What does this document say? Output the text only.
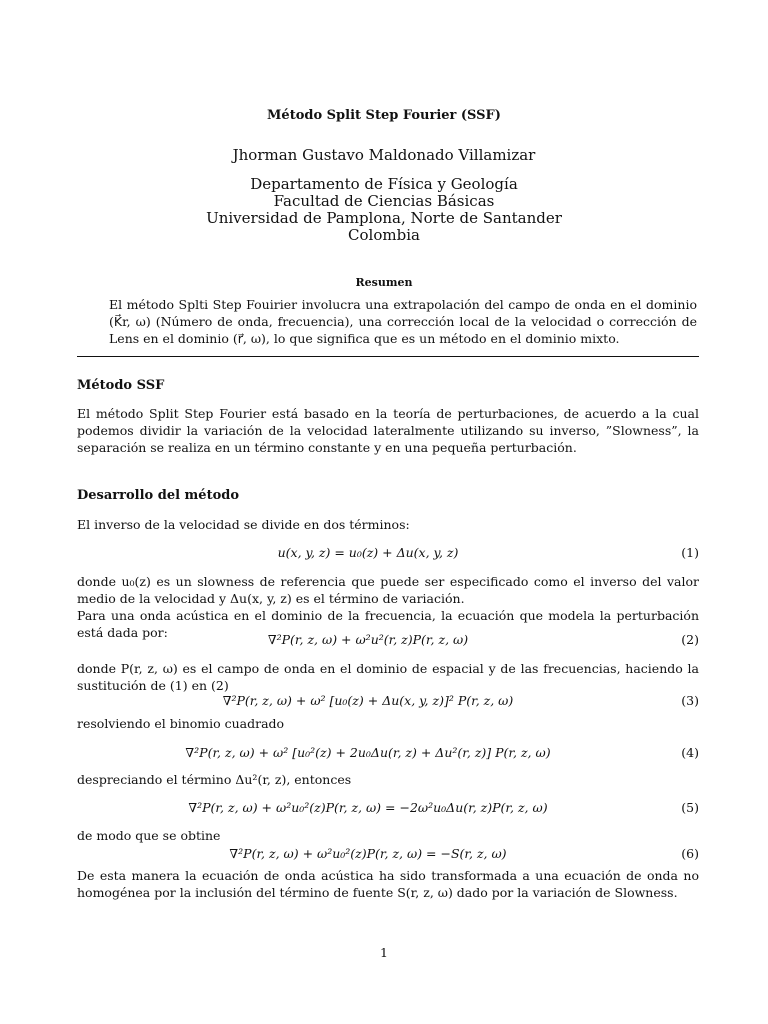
Método Split Step Fourier (SSF)
Jhorman Gustavo Maldonado Villamizar
Departamento de Física y Geología
Facultad de Ciencias Básicas
Universidad de Pamplona, Norte de Santander
Colombia
Resumen
El método Splti Step Fouirier involucra una extrapolación del campo de onda en el dominio (K⃗r, ω) (Número de onda, frecuencia), una corrección local de la velocidad o corrección de Lens en el dominio (r⃗, ω), lo que significa que es un método en el dominio mixto.
Método SSF
El método Split Step Fourier está basado en la teoría de perturbaciones, de acuerdo a la cual podemos dividir la variación de la velocidad lateralmente utilizando su inverso, ”Slowness”, la separación se realiza en un término constante y en una pequeña perturbación.
Desarrollo del método
El inverso de la velocidad se divide en dos términos:
u(x, y, z) = u₀(z) + Δu(x, y, z)	(1)
donde u₀(z) es un slowness de referencia que puede ser especificado como el inverso del valor medio de la velocidad y Δu(x, y, z) es el término de variación.
Para una onda acústica en el dominio de la frecuencia, la ecuación que modela la perturbación está dada por:	∇²P(r, z, ω) + ω²u²(r, z)P(r, z, ω)	(2)
donde P(r, z, ω) es el campo de onda en el dominio de espacial y de las frecuencias, haciendo la sustitución de (1) en (2)
∇²P(r, z, ω) + ω² [u₀(z) + Δu(x, y, z)]² P(r, z, ω)	(3)
resolviendo el binomio cuadrado
∇²P(r, z, ω) + ω² [u₀²(z) + 2u₀Δu(r, z) + Δu²(r, z)] P(r, z, ω)	(4)
despreciando el término Δu²(r, z), entonces
∇²P(r, z, ω) + ω²u₀²(z)P(r, z, ω) = −2ω²u₀Δu(r, z)P(r, z, ω)	(5)
de modo que se obtine
∇²P(r, z, ω) + ω²u₀²(z)P(r, z, ω) = −S(r, z, ω)	(6)
De esta manera la ecuación de onda acústica ha sido transformada a una ecuación de onda no homogénea por la inclusión del término de fuente S(r, z, ω) dado por la variación de Slowness.
1
